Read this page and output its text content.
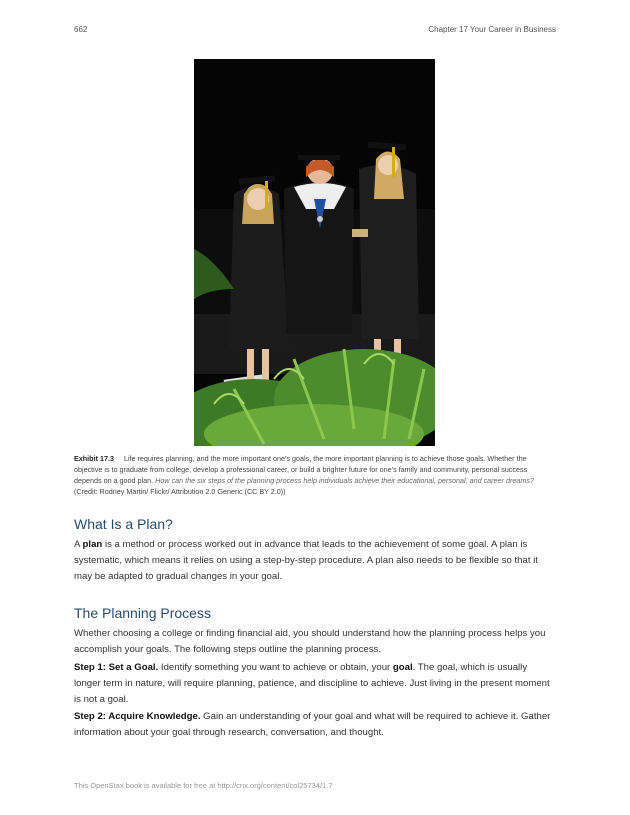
662	Chapter 17 Your Career in Business
Exhibit 17.3 Life requires planning, and the more important one’s goals, the more important planning is to achieve those goals. Whether the objective is to graduate from college, develop a professional career, or build a brighter future for one’s family and community, personal success depends on a good plan. How can the six steps of the planning process help individuals achieve their educational, personal, and career dreams?
(Credit: Rodney Martin/ Flickr/ Attribution 2.0 Generic (CC BY 2.0))
What Is a Plan?

A plan is a method or process worked out in advance that leads to the achievement of some goal. A plan is systematic, which means it relies on using a step-by-step procedure. A plan also needs to be flexible so that it may be adapted to gradual changes in your goal.

The Planning Process

Whether choosing a college or finding financial aid, you should understand how the planning process helps you accomplish your goals. The following steps outline the planning process.

Step 1: Set a Goal. Identify something you want to achieve or obtain, your goal. The goal, which is usually longer term in nature, will require planning, patience, and discipline to achieve. Just living in the present moment is not a goal.

Step 2: Acquire Knowledge. Gain an understanding of your goal and what will be required to achieve it. Gather information about your goal through research, conversation, and thought.

This OpenStax book is available for free at http://cnx.org/content/col25734/1.7
